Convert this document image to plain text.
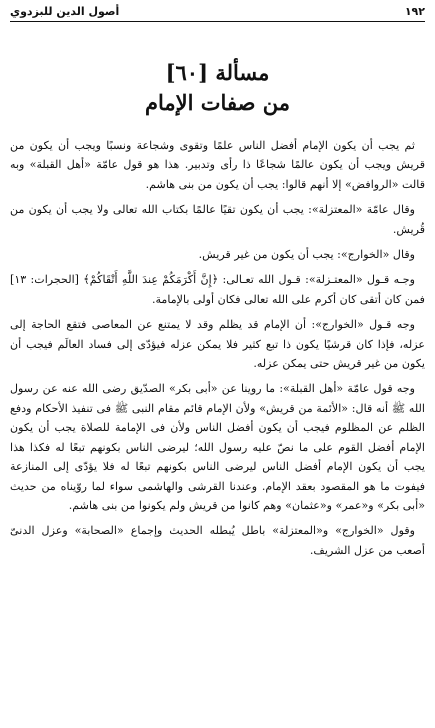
١٩٢
أصول الدين للبزدوي
مسألة [٦٠]
من صفات الإمام

ثم يجب أن يكون الإمام أفضل الناس علمًا وتقوى وشجاعة ونسبًا ويجب أن يكون من قريش ويجب أن يكون عالمًا شجاعًا ذا رأى وتدبير. هذا هو قول عامّة «أهل القبلة» وبه قالت «الروافض» إلا أنهم قالوا: يجب أن يكون من بنى هاشم.

وقال عامّة «المعتزلة»: يجب أن يكون تقيًا عالمًا بكتاب الله تعالى ولا يجب أن يكون من قُريش.

وقال «الخوارج»: يجب أن يكون من غير قريش.

وجـه قـول «المعتـزلة»: قـول الله تعـالى: ﴿إِنَّ أَكْرَمَكُمْ عِندَ اللَّهِ أَتْقَاكُمْ﴾ [الحجرات: ١٣] فمن كان أتقى كان أكرم على الله تعالى فكان أولى بالإمامة.

وجه قـول «الخوارج»: أن الإمام قد يظلم وقد لا يمتنع عن المعاصى فتقع الحاجة إلى عزله، فإذا كان قرشيًا يكون ذا تبع كثير فلا يمكن عزله فيؤدّى إلى فساد العالَم فيجب أن يكون من غير قريش حتى يمكن عزله.

وجه قول عامّة «أهل القبلة»: ما روينا عن «أبى بكر» الصدّيق رضى الله عنه عن رسول الله ﷺ أنه قال: «الأئمة من قريش» ولأن الإمام قائم مقام النبى ﷺ فى تنفيذ الأحكام ودفع الظلم عن المظلوم فيجب أن يكون أفضل الناس ولأن فى الإمامة للصلاة يجب أن يكون الإمام أفضل القوم على ما نصّ عليه رسول الله؛ ليرضى الناس بكونهم تبعًا له فكذا هذا يجب أن يكون الإمام أفضل الناس ليرضى الناس بكونهم تبعًا له فلا يؤدّى إلى المنازعة فيفوت ما هو المقصود بعقد الإمام. وعندنا القرشى والهاشمى سواء لما روّيناه من حديث «أبى بكر» و«عمر» و«عثمان» وهم كانوا من قريش ولم يكونوا من بنى هاشم.

وقول «الخوارج» و«المعتزلة» باطل يُبطله الحديث وإجماع «الصحابة» وعزل الدنىّ أصعب من عزل الشريف.
